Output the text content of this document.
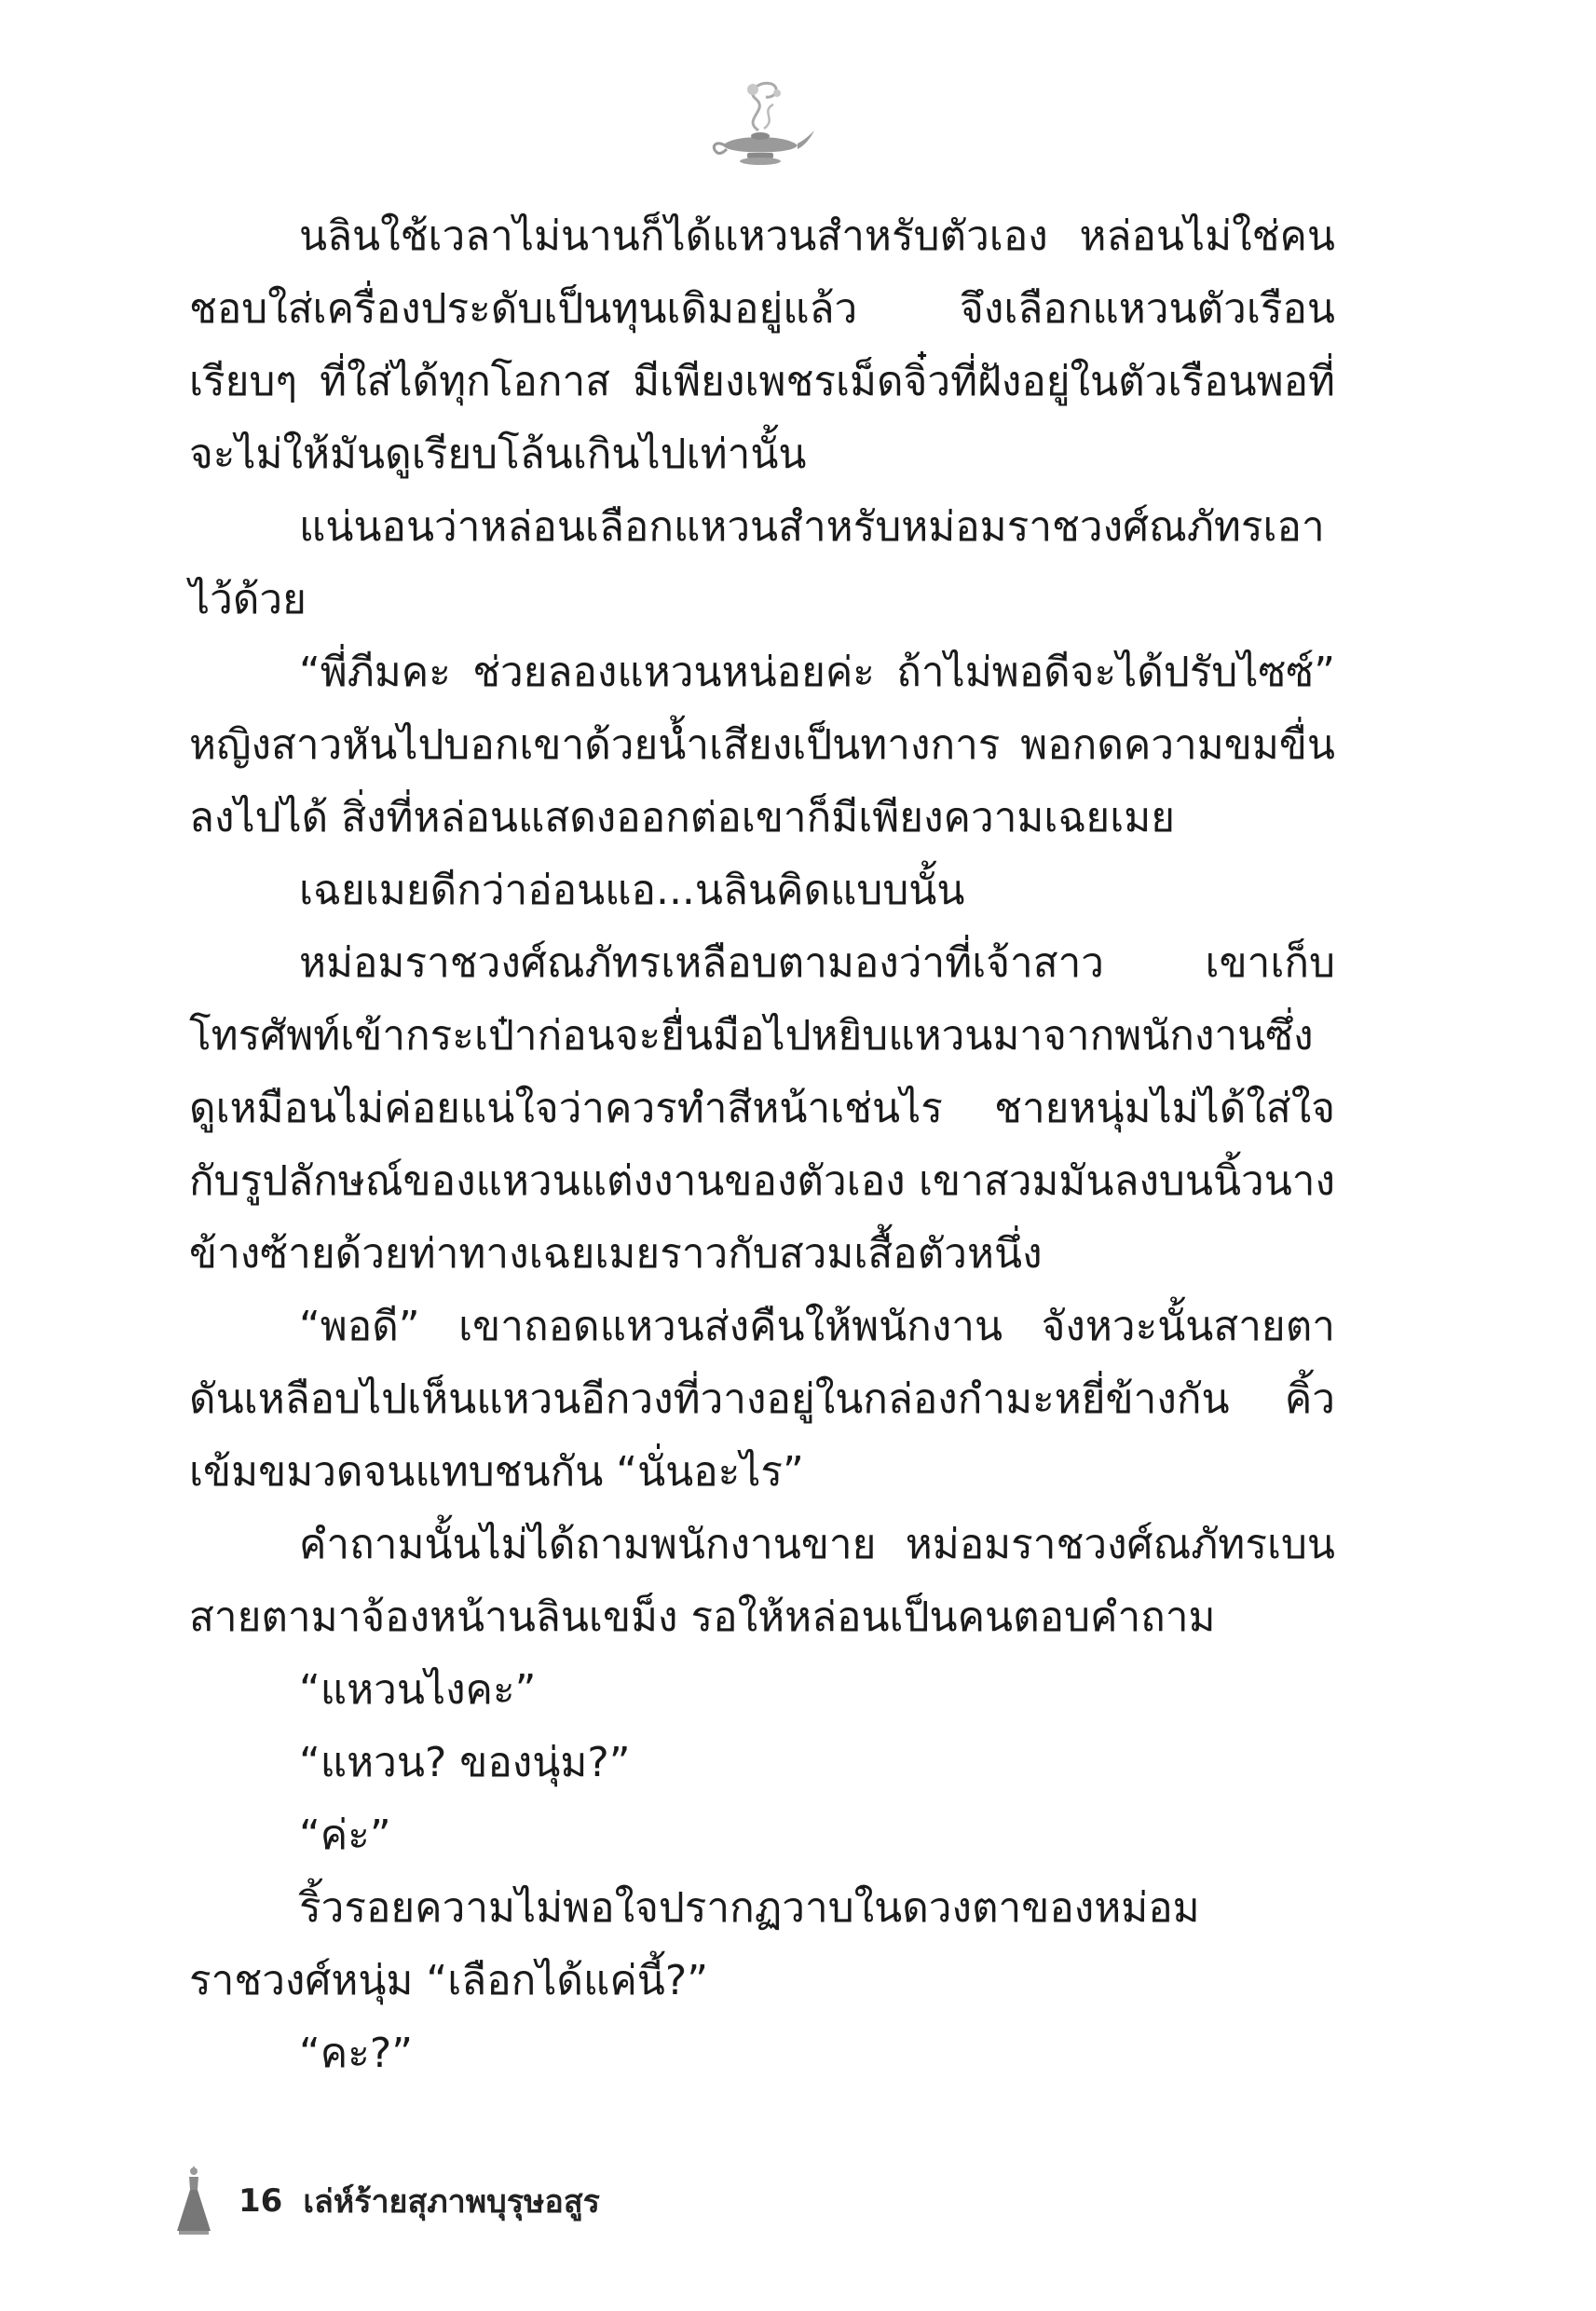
นลินใช้เวลาไม่นานก็ได้แหวนสำหรับตัวเอง หล่อนไม่ใช่คนชอบใส่เครื่องประดับเป็นทุนเดิมอยู่แล้ว จึงเลือกแหวนตัวเรือนเรียบๆ ที่ใส่ได้ทุกโอกาส มีเพียงเพชรเม็ดจิ๋วที่ฝังอยู่ในตัวเรือนพอที่จะไม่ให้มันดูเรียบโล้นเกินไปเท่านั้น

แน่นอนว่าหล่อนเลือกแหวนสำหรับหม่อมราชวงศ์ณภัทรเอาไว้ด้วย

“พี่ภีมคะ ช่วยลองแหวนหน่อยค่ะ ถ้าไม่พอดีจะได้ปรับไซซ์” หญิงสาวหันไปบอกเขาด้วยน้ำเสียงเป็นทางการ พอกดความขมขื่นลงไปได้ สิ่งที่หล่อนแสดงออกต่อเขาก็มีเพียงความเฉยเมย

เฉยเมยดีกว่าอ่อนแอ...นลินคิดแบบนั้น

หม่อมราชวงศ์ณภัทรเหลือบตามองว่าที่เจ้าสาว เขาเก็บโทรศัพท์เข้ากระเป๋าก่อนจะยื่นมือไปหยิบแหวนมาจากพนักงานซึ่งดูเหมือนไม่ค่อยแน่ใจว่าควรทำสีหน้าเช่นไร ชายหนุ่มไม่ได้ใส่ใจกับรูปลักษณ์ของแหวนแต่งงานของตัวเอง เขาสวมมันลงบนนิ้วนางข้างซ้ายด้วยท่าทางเฉยเมยราวกับสวมเสื้อตัวหนึ่ง

“พอดี” เขาถอดแหวนส่งคืนให้พนักงาน จังหวะนั้นสายตาดันเหลือบไปเห็นแหวนอีกวงที่วางอยู่ในกล่องกำมะหยี่ข้างกัน คิ้วเข้มขมวดจนแทบชนกัน “นั่นอะไร”

คำถามนั้นไม่ได้ถามพนักงานขาย หม่อมราชวงศ์ณภัทรเบนสายตามาจ้องหน้านลินเขม็ง รอให้หล่อนเป็นคนตอบคำถาม

“แหวนไงคะ”

“แหวน? ของนุ่ม?”

“ค่ะ”

ริ้วรอยความไม่พอใจปรากฏวาบในดวงตาของหม่อมราชวงศ์หนุ่ม “เลือกได้แค่นี้?”

“คะ?”

16 เล่ห์ร้ายสุภาพบุรุษอสูร
